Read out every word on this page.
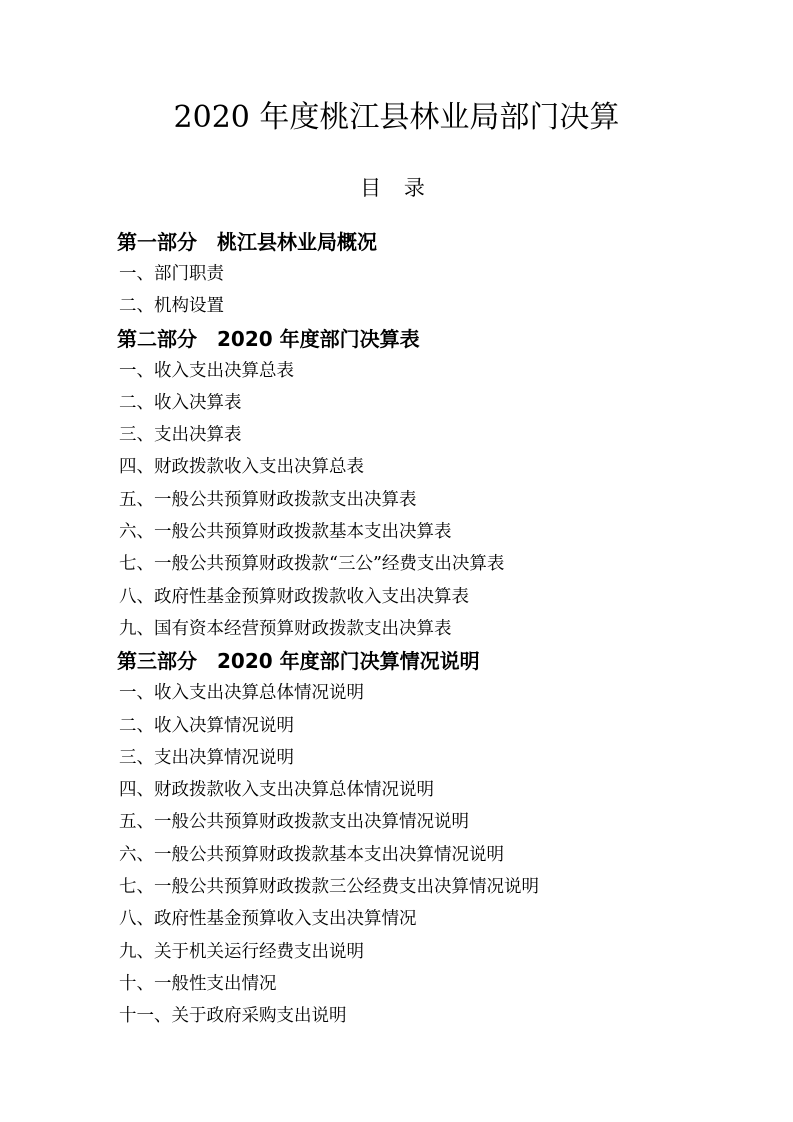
2020 年度桃江县林业局部门决算
目 录
第一部分　桃江县林业局概况
一、部门职责
二、机构设置
第二部分　2020 年度部门决算表
一、收入支出决算总表
二、收入决算表
三、支出决算表
四、财政拨款收入支出决算总表
五、一般公共预算财政拨款支出决算表
六、一般公共预算财政拨款基本支出决算表
七、一般公共预算财政拨款“三公”经费支出决算表
八、政府性基金预算财政拨款收入支出决算表
九、国有资本经营预算财政拨款支出决算表
第三部分　2020 年度部门决算情况说明
一、收入支出决算总体情况说明
二、收入决算情况说明
三、支出决算情况说明
四、财政拨款收入支出决算总体情况说明
五、一般公共预算财政拨款支出决算情况说明
六、一般公共预算财政拨款基本支出决算情况说明
七、一般公共预算财政拨款三公经费支出决算情况说明
八、政府性基金预算收入支出决算情况
九、关于机关运行经费支出说明
十、一般性支出情况
十一、关于政府采购支出说明
